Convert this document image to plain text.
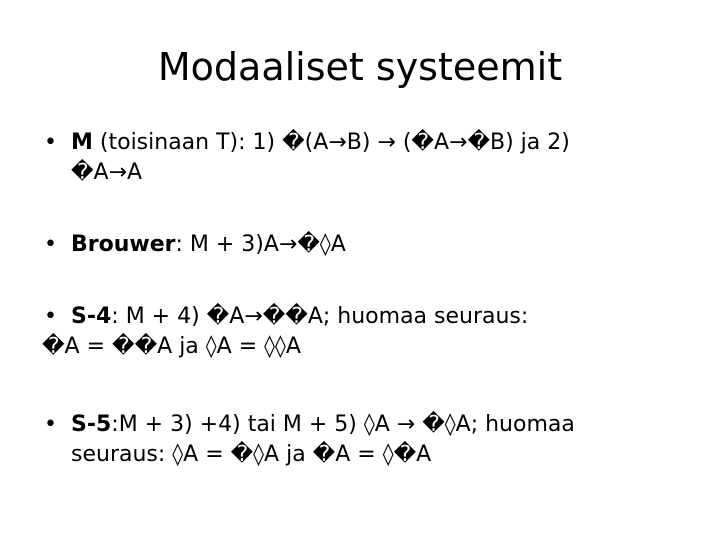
Modaaliset systeemit
• M (toisinaan T): 1) �(A→B) → (�A→�B) ja 2)
�A→A
• Brouwer: M + 3)A→�◊A
• S-4: M + 4) �A→��A; huomaa seuraus:
�A = ��A ja ◊A = ◊◊A
• S-5:M + 3) +4) tai M + 5) ◊A → �◊A; huomaa
seuraus: ◊A = �◊A ja �A = ◊�A
